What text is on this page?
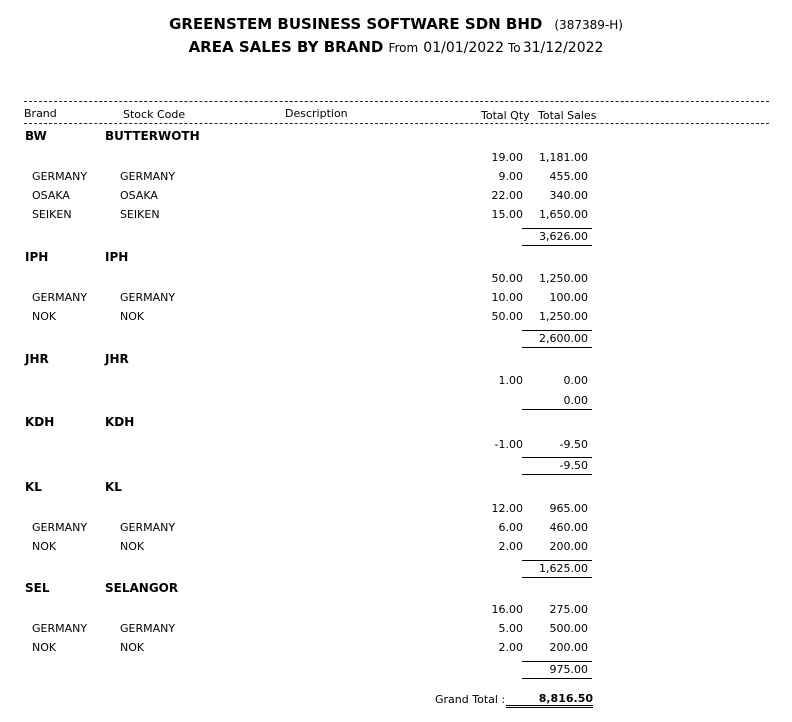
GREENSTEM BUSINESS SOFTWARE SDN BHD (387389-H)
AREA SALES BY BRAND From 01/01/2022 To 31/12/2022
Brand	Stock Code	Description	Total Qty Total Sales
BW	BUTTERWOTH
19.00	1,181.00
GERMANY	GERMANY	9.00	455.00
OSAKA	OSAKA	22.00	340.00
SEIKEN	SEIKEN	15.00	1,650.00
3,626.00
IPH	IPH
50.00	1,250.00
GERMANY	GERMANY	10.00	100.00
NOK	NOK	50.00	1,250.00
2,600.00
JHR	JHR
1.00	0.00
0.00
KDH	KDH
-1.00	-9.50
-9.50
KL	KL
12.00	965.00
GERMANY	GERMANY	6.00	460.00
NOK	NOK	2.00	200.00
1,625.00
SEL	SELANGOR
16.00	275.00
GERMANY	GERMANY	5.00	500.00
NOK	NOK	2.00	200.00
975.00
Grand Total :	8,816.50
